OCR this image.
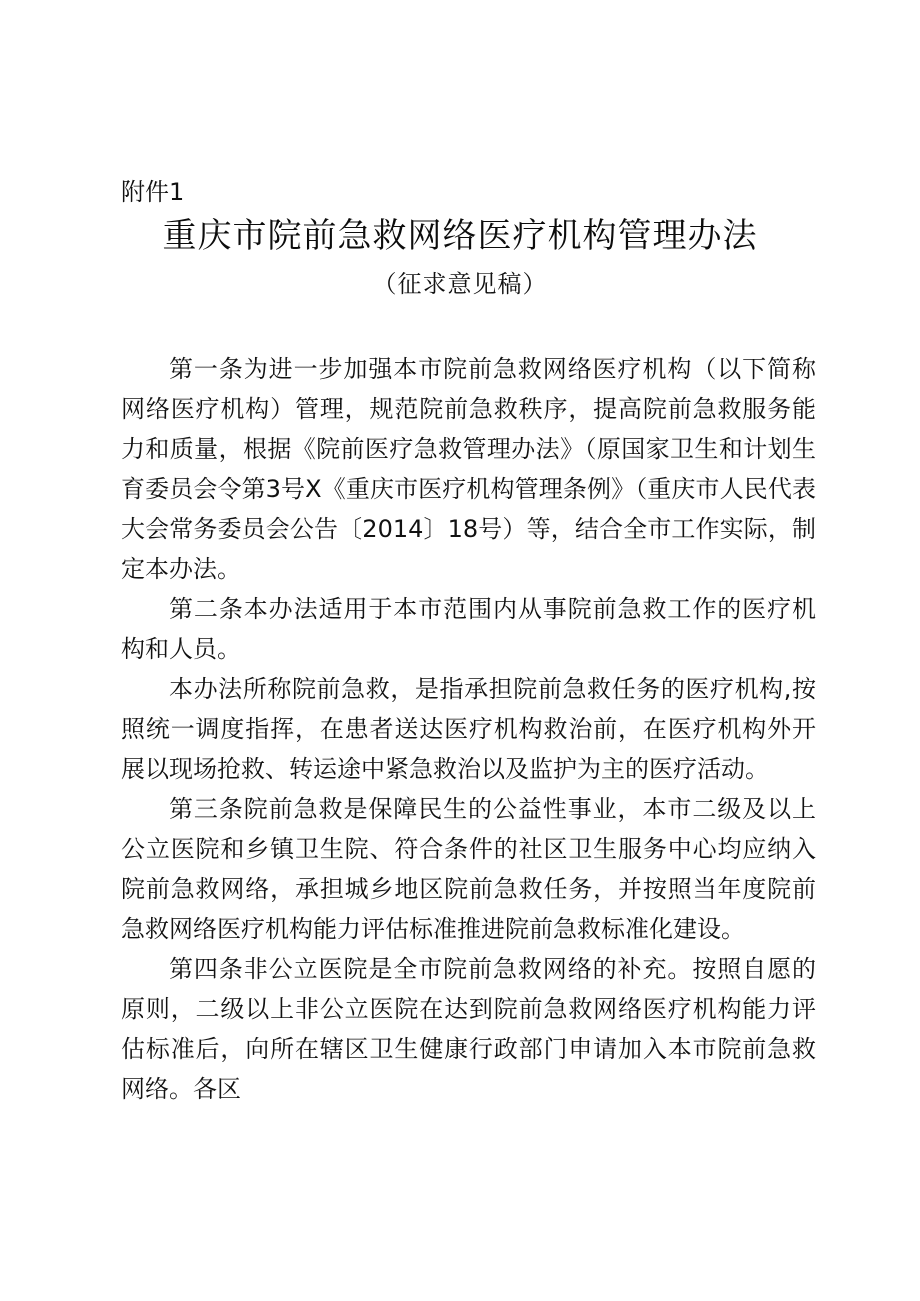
附件1
重庆市院前急救网络医疗机构管理办法
（征求意见稿）

第一条为进一步加强本市院前急救网络医疗机构（以下简称网络医疗机构）管理，规范院前急救秩序，提高院前急救服务能力和质量，根据《院前医疗急救管理办法》（原国家卫生和计划生育委员会令第3号X《重庆市医疗机构管理条例》（重庆市人民代表大会常务委员会公告〔2014〕18号）等，结合全市工作实际，制定本办法。

第二条本办法适用于本市范围内从事院前急救工作的医疗机构和人员。

本办法所称院前急救，是指承担院前急救任务的医疗机构,按照统一调度指挥，在患者送达医疗机构救治前，在医疗机构外开展以现场抢救、转运途中紧急救治以及监护为主的医疗活动。

第三条院前急救是保障民生的公益性事业，本市二级及以上公立医院和乡镇卫生院、符合条件的社区卫生服务中心均应纳入院前急救网络，承担城乡地区院前急救任务，并按照当年度院前急救网络医疗机构能力评估标准推进院前急救标准化建设。

第四条非公立医院是全市院前急救网络的补充。按照自愿的原则，二级以上非公立医院在达到院前急救网络医疗机构能力评估标准后，向所在辖区卫生健康行政部门申请加入本市院前急救网络。各区
